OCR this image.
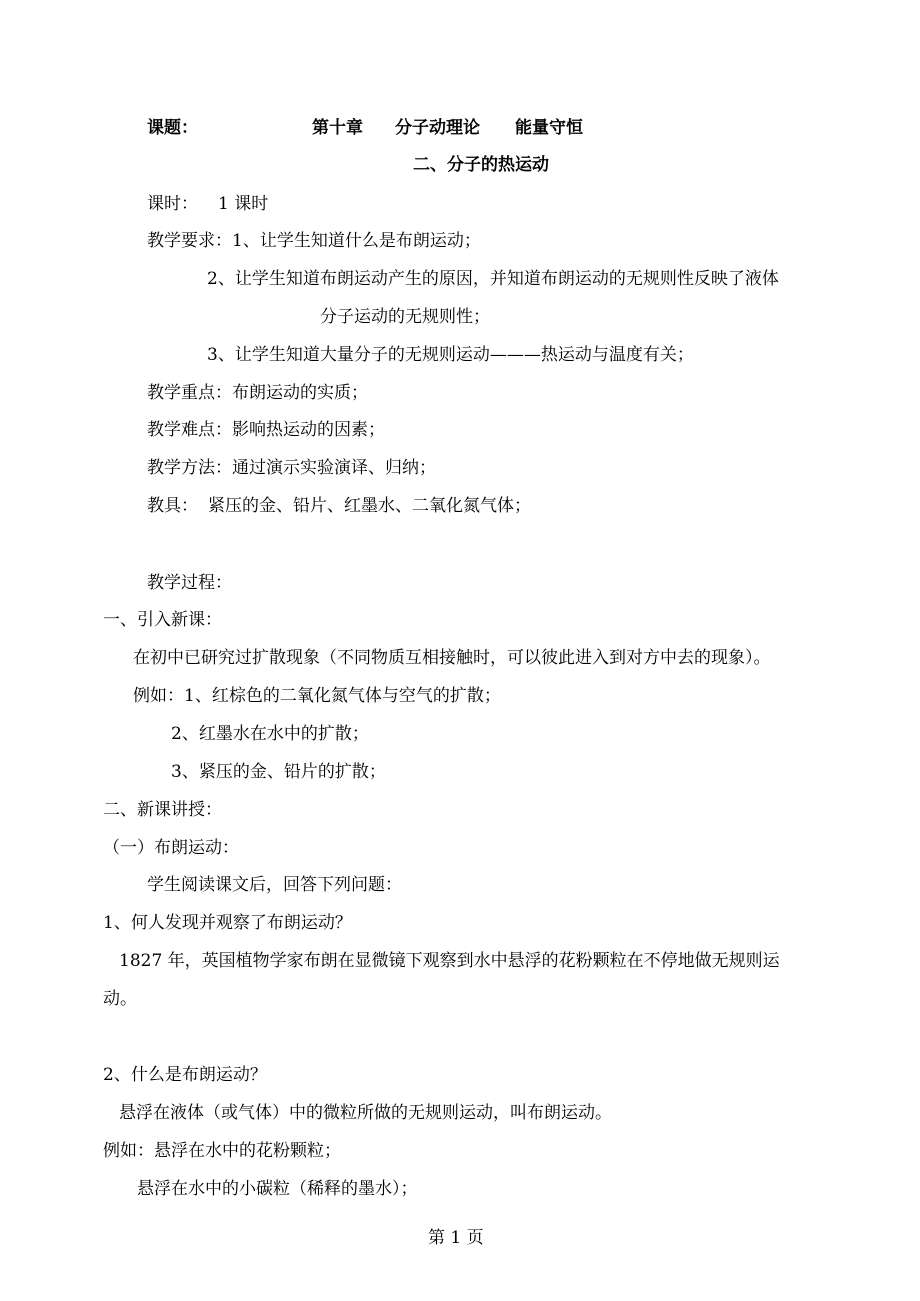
课题：	第十章 分子动理论 能量守恒
二、分子的热运动
课时： 1 课时
教学要求： 1、让学生知道什么是布朗运动；
2、让学生知道布朗运动产生的原因，并知道布朗运动的无规则性反映了液体
分子运动的无规则性；
3、让学生知道大量分子的无规则运动———热运动与温度有关；
教学重点：布朗运动的实质；
教学难点：影响热运动的因素；
教学方法：通过演示实验演译、归纳；
教具： 紧压的金、铅片、红墨水、二氧化氮气体；
教学过程：
一、引入新课：
在初中已研究过扩散现象（不同物质互相接触时，可以彼此进入到对方中去的现象）。
例如：1、红棕色的二氧化氮气体与空气的扩散；
2、红墨水在水中的扩散；
3、紧压的金、铅片的扩散；
二、新课讲授：
（一）布朗运动：
学生阅读课文后，回答下列问题：
1、何人发现并观察了布朗运动？
1827 年，英国植物学家布朗在显微镜下观察到水中悬浮的花粉颗粒在不停地做无规则运
动。
2、什么是布朗运动？
悬浮在液体（或气体）中的微粒所做的无规则运动，叫布朗运动。
例如：悬浮在水中的花粉颗粒；
悬浮在水中的小碳粒（稀释的墨水）；
第 1 页
